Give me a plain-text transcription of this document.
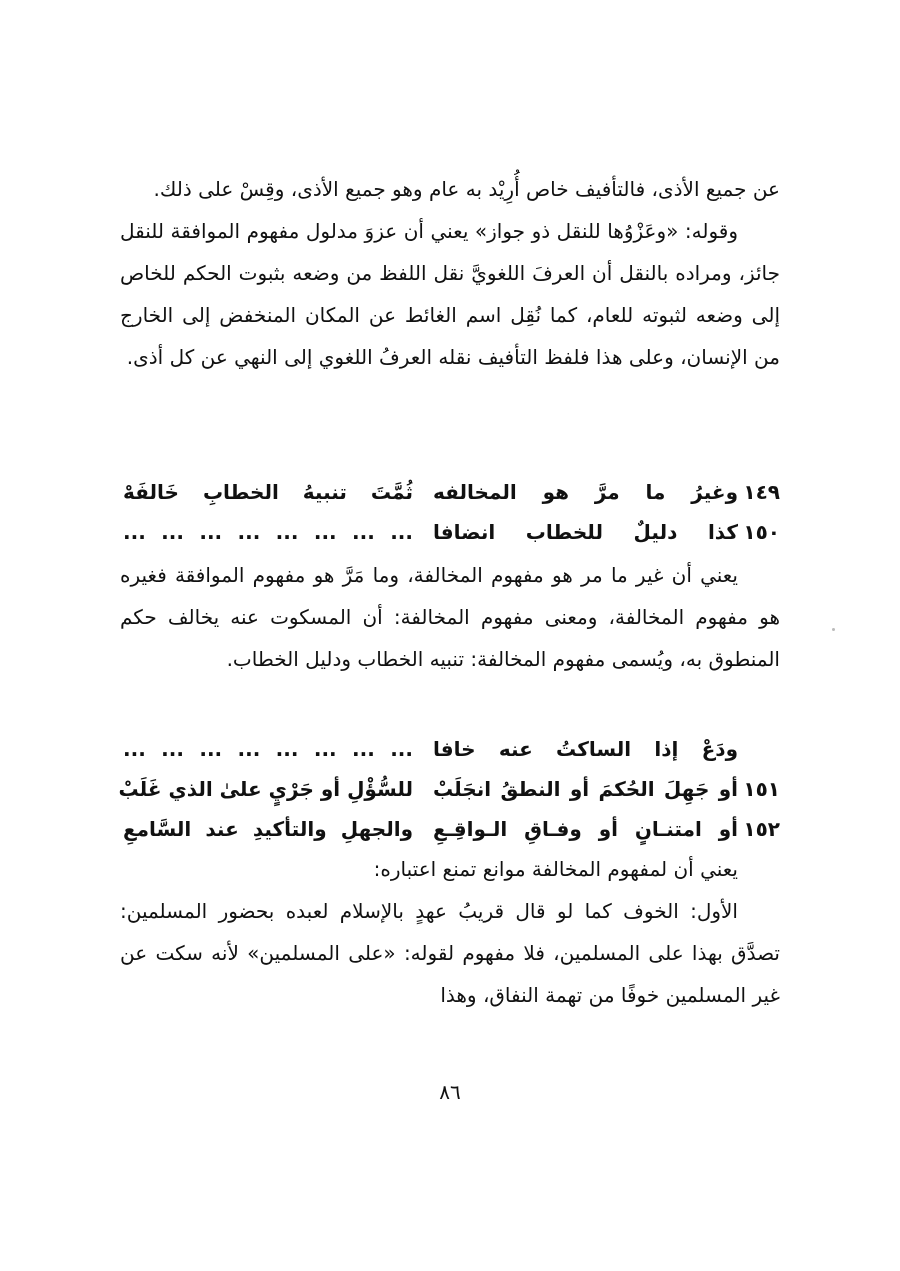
عن جميع الأذى، فالتأفيف خاص أُرِيْد به عام وهو جميع الأذى، وقِسْ على ذلك.

وقوله: «وعَزْوُها للنقل ذو جواز» يعني أن عزوَ مدلول مفهوم الموافقة للنقل جائز، ومراده بالنقل أن العرفَ اللغويَّ نقل اللفظ من وضعه بثبوت الحكم للخاص إلى وضعه لثبوته للعام، كما نُقِل اسم الغائط عن المكان المنخفض إلى الخارج من الإنسان، وعلى هذا فلفظ التأفيف نقله العرفُ اللغوي إلى النهي عن كل أذى.

١٤٩
وغيرُ ما مرَّ هو المخالفه
ثُمَّتَ تنبيهُ الخطابِ خَالفَهْ
١٥٠
كذا دليلٌ للخطاب انضافا
... ... ... ... ... ... ... ...

يعني أن غير ما مر هو مفهوم المخالفة، وما مَرَّ هو مفهوم الموافقة فغيره هو مفهوم المخالفة، ومعنى مفهوم المخالفة: أن المسكوت عنه يخالف حكم المنطوق به، ويُسمى مفهوم المخالفة: تنبيه الخطاب ودليل الخطاب.

ودَعْ إذا الساكتُ عنه خافا
... ... ... ... ... ... ... ...
١٥١
أو جَهِلَ الحُكمَ أو النطقُ انجَلَبْ
للسُّؤْلِ أو جَرْيٍ علىٰ الذي غَلَبْ
١٥٢
أو امتنـانٍ أو وفـاقِ الـواقِـعِ
والجهلِ والتأكيدِ عند السَّامعِ

يعني أن لمفهوم المخالفة موانع تمنع اعتباره:

الأول: الخوف كما لو قال قريبُ عهدٍ بالإسلام لعبده بحضور المسلمين: تصدَّق بهذا على المسلمين، فلا مفهوم لقوله: «على المسلمين» لأنه سكت عن غير المسلمين خوفًا من تهمة النفاق، وهذا

٨٦
